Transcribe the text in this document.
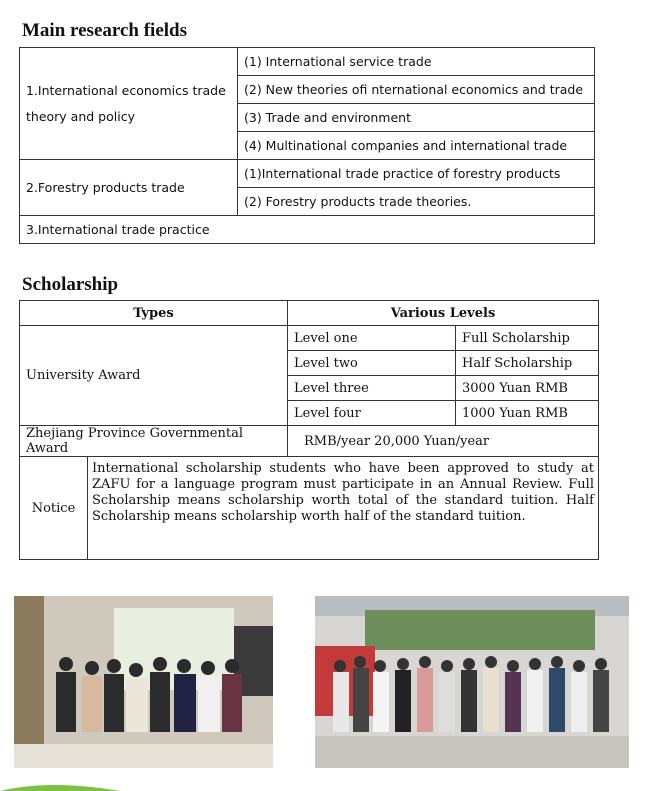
Main research fields
1.International economics trade theory and policy	(1) International service trade
	(2) New theories ofi nternational economics and trade
	(3) Trade and environment
	(4) Multinational companies and international trade
2.Forestry products trade	(1)International trade practice of forestry products
	(2) Forestry products trade theories.
3.International trade practice	
Scholarship
Types	Various Levels	
University Award	Level one	Full Scholarship
	Level two	Half Scholarship
	Level three	3000 Yuan RMB
	Level four	1000 Yuan RMB
Zhejiang Province Governmental Award	RMB/year 20,000 Yuan/year	
Notice	International scholarship students who have been approved to study at ZAFU for a language program must participate in an Annual Review. Full Scholarship means scholarship worth total of the standard tuition. Half Scholarship means scholarship worth half of the standard tuition.
